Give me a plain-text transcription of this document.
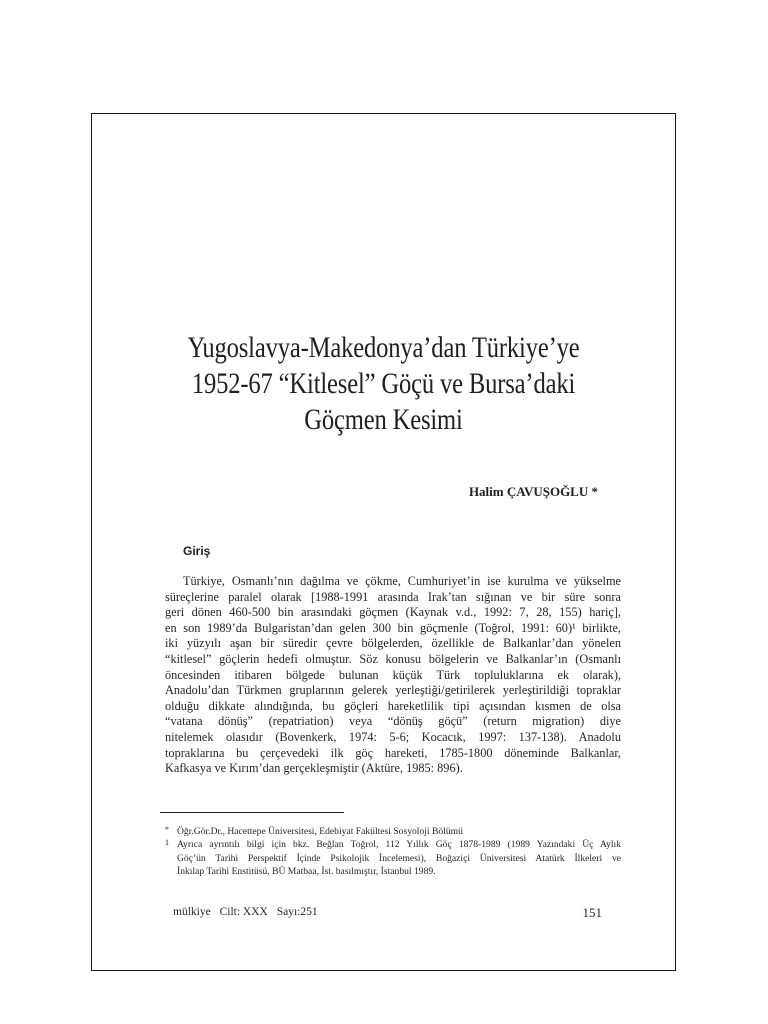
Yugoslavya-Makedonya’dan Türkiye’ye
1952-67 “Kitlesel” Göçü ve Bursa’daki
Göçmen Kesimi
Halim ÇAVUŞOĞLU *
Giriş
Türkiye, Osmanlı’nın dağılma ve çökme, Cumhuriyet’in ise kurulma ve yükselme
süreçlerine paralel olarak [1988-1991 arasında Irak’tan sığınan ve bir süre sonra
geri dönen 460-500 bin arasındaki göçmen (Kaynak v.d., 1992: 7, 28, 155) hariç],
en son 1989’da Bulgaristan’dan gelen 300 bin göçmenle (Toğrol, 1991: 60)¹ birlikte,
iki yüzyılı aşan bir süredir çevre bölgelerden, özellikle de Balkanlar’dan yönelen
“kitlesel” göçlerin hedefi olmuştur. Söz konusu bölgelerin ve Balkanlar’ın (Osmanlı
öncesinden itibaren bölgede bulunan küçük Türk topluluklarına ek olarak),
Anadolu’dan Türkmen gruplarının gelerek yerleştiği/getirilerek yerleştirildiği topraklar
olduğu dikkate alındığında, bu göçleri hareketlilik tipi açısından kısmen de olsa
“vatana dönüş” (repatriation) veya “dönüş göçü” (return migration) diye
nitelemek olasıdır (Bovenkerk, 1974: 5-6; Kocacık, 1997: 137-138). Anadolu
topraklarına bu çerçevedeki ilk göç hareketi, 1785-1800 döneminde Balkanlar,
Kafkasya ve Kırım’dan gerçekleşmiştir (Aktüre, 1985: 896).
* Öğr.Gör.Dr., Hacettepe Üniversitesi, Edebiyat Fakültesi Sosyoloji Bölümü
1 Ayrıca ayrıntılı bilgi için bkz. Beğlan Toğrol, 112 Yıllık Göç 1878-1989 (1989 Yazındaki Üç Aylık
Göç’ün Tarihi Perspektif İçinde Psikolojik İncelemesi), Boğaziçi Üniversitesi Atatürk İlkeleri ve
İnkılap Tarihi Enstitüsü, BÜ Matbaa, İst. basılmıştır, İstanbul 1989.
mülkiye Cilt: XXX Sayı:251	151
